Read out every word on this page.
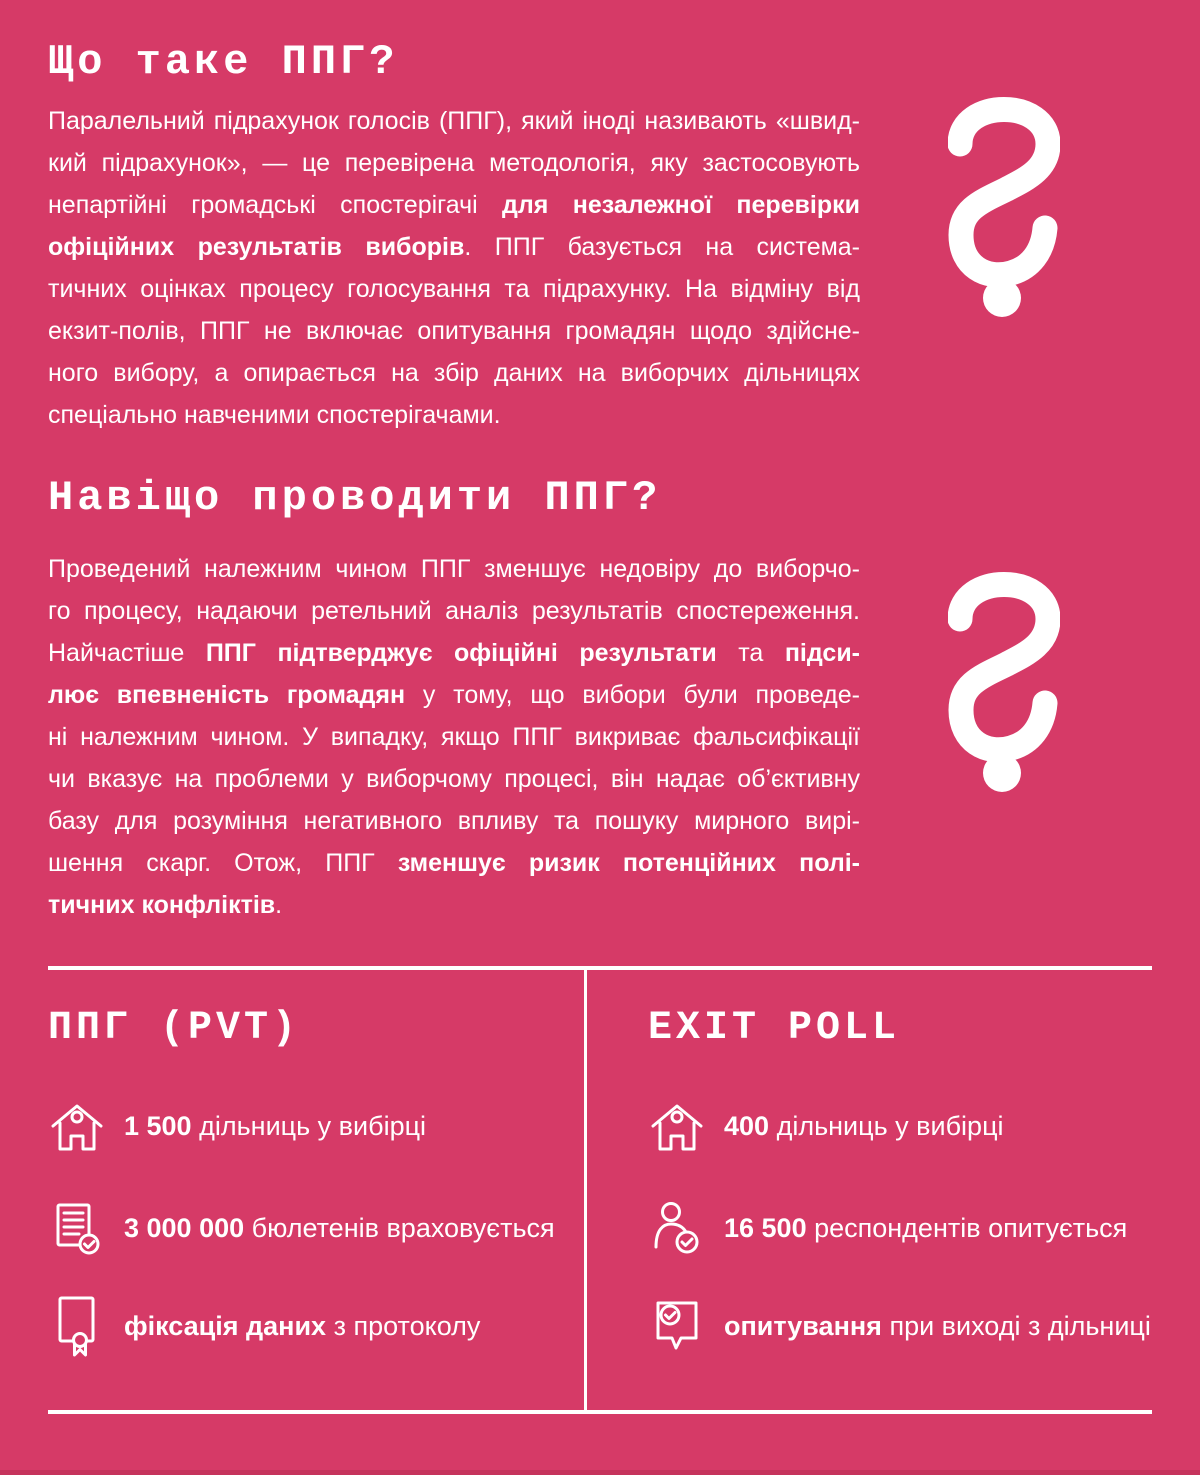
Що таке ППГ?
Паралельний підрахунок голосів (ППГ), який іноді називають «швид-
кий підрахунок», — це перевірена методологія, яку застосовують
непартійні громадські спостерігачі для незалежної перевірки
офіційних результатів виборів. ППГ базується на система-
тичних оцінках процесу голосування та підрахунку. На відміну від
екзит-полів, ППГ не включає опитування громадян щодо здійсне-
ного вибору, а опирається на збір даних на виборчих дільницях
спеціально навченими спостерігачами.
Навіщо проводити ППГ?
Проведений належним чином ППГ зменшує недовіру до виборчо-
го процесу, надаючи ретельний аналіз результатів спостереження.
Найчастіше ППГ підтверджує офіційні результати та підси-
лює впевненість громадян у тому, що вибори були проведе-
ні належним чином. У випадку, якщо ППГ викриває фальсифікації
чи вказує на проблеми у виборчому процесі, він надає об’єктивну
базу для розуміння негативного впливу та пошуку мирного вирі-
шення скарг. Отож, ППГ зменшує ризик потенційних полі-
тичних конфліктів.
ППГ (PVT)	EXIT POLL
1 500 дільниць у вибірці
3 000 000 бюлетенів враховується
фіксація даних з протоколу
400 дільниць у вибірці
16 500 респондентів опитується
опитування при виході з дільниці
